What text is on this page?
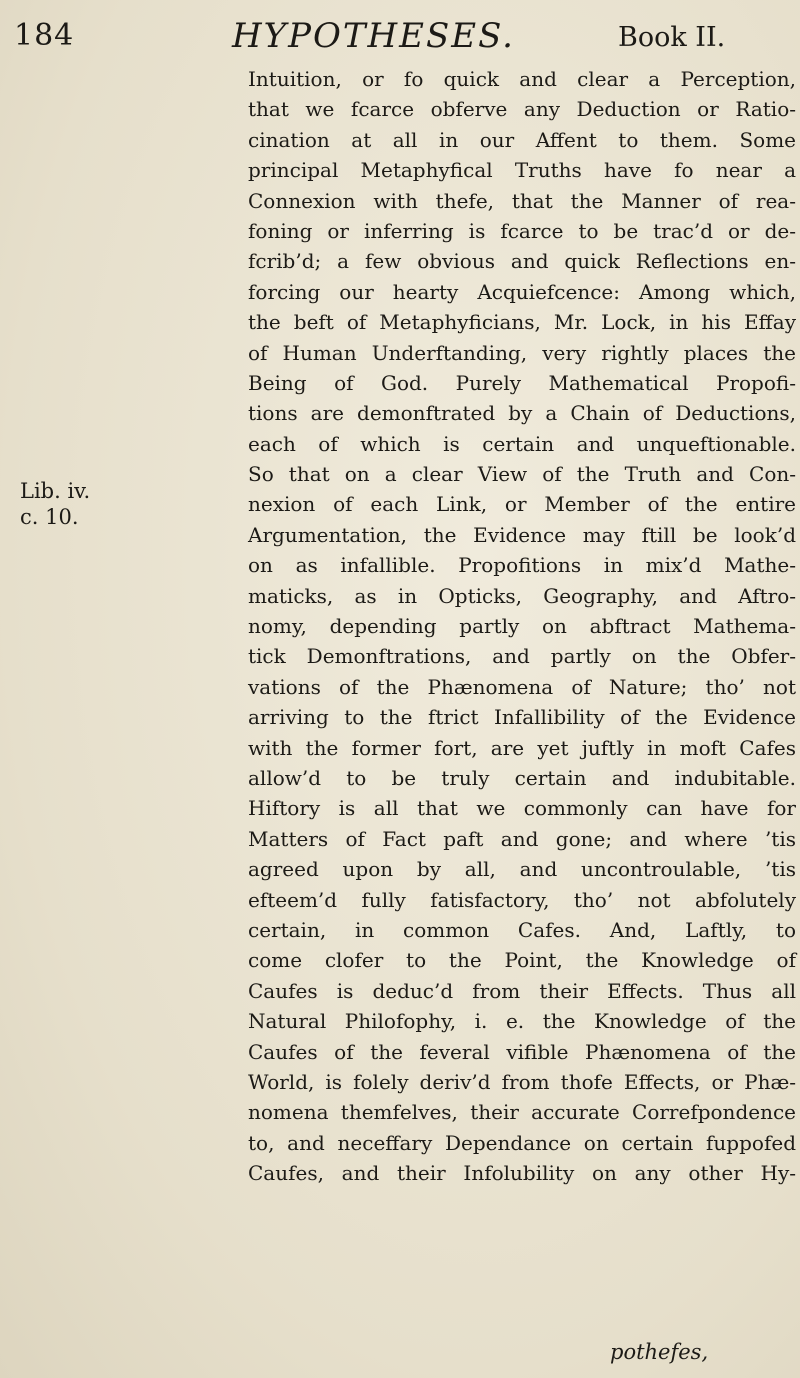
184	HYPOTHESES.	Book II.
Lib. iv.
c. 10.
Intuition, or fo quick and clear a Perception,
that we fcarce obferve any Deduction or Ratio-
cination at all in our Affent to them. Some
principal Metaphyfical Truths have fo near a
Connexion with thefe, that the Manner of rea-
foning or inferring is fcarce to be trac’d or de-
fcrib’d; a few obvious and quick Reflections en-
forcing our hearty Acquiefcence: Among which,
the beft of Metaphyficians, Mr. Lock, in his Effay
of Human Underftanding, very rightly places the
Being of God. Purely Mathematical Propofi-
tions are demonftrated by a Chain of Deductions,
each of which is certain and unqueftionable.
So that on a clear View of the Truth and Con-
nexion of each Link, or Member of the entire
Argumentation, the Evidence may ftill be look’d
on as infallible. Propofitions in mix’d Mathe-
maticks, as in Opticks, Geography, and Aftro-
nomy, depending partly on abftract Mathema-
tick Demonftrations, and partly on the Obfer-
vations of the Phænomena of Nature; tho’ not
arriving to the ftrict Infallibility of the Evidence
with the former fort, are yet juftly in moft Cafes
allow’d to be truly certain and indubitable.
Hiftory is all that we commonly can have for
Matters of Fact paft and gone; and where ’tis
agreed upon by all, and uncontroulable, ’tis
efteem’d fully fatisfactory, tho’ not abfolutely
certain, in common Cafes. And, Laftly, to
come clofer to the Point, the Knowledge of
Caufes is deduc’d from their Effects. Thus all
Natural Philofophy, i. e. the Knowledge of the
Caufes of the feveral vifible Phænomena of the
World, is folely deriv’d from thofe Effects, or Phæ-
nomena themfelves, their accurate Correfpondence
to, and neceffary Dependance on certain fuppofed
Caufes, and their Infolubility on any other Hy-
pothefes,
